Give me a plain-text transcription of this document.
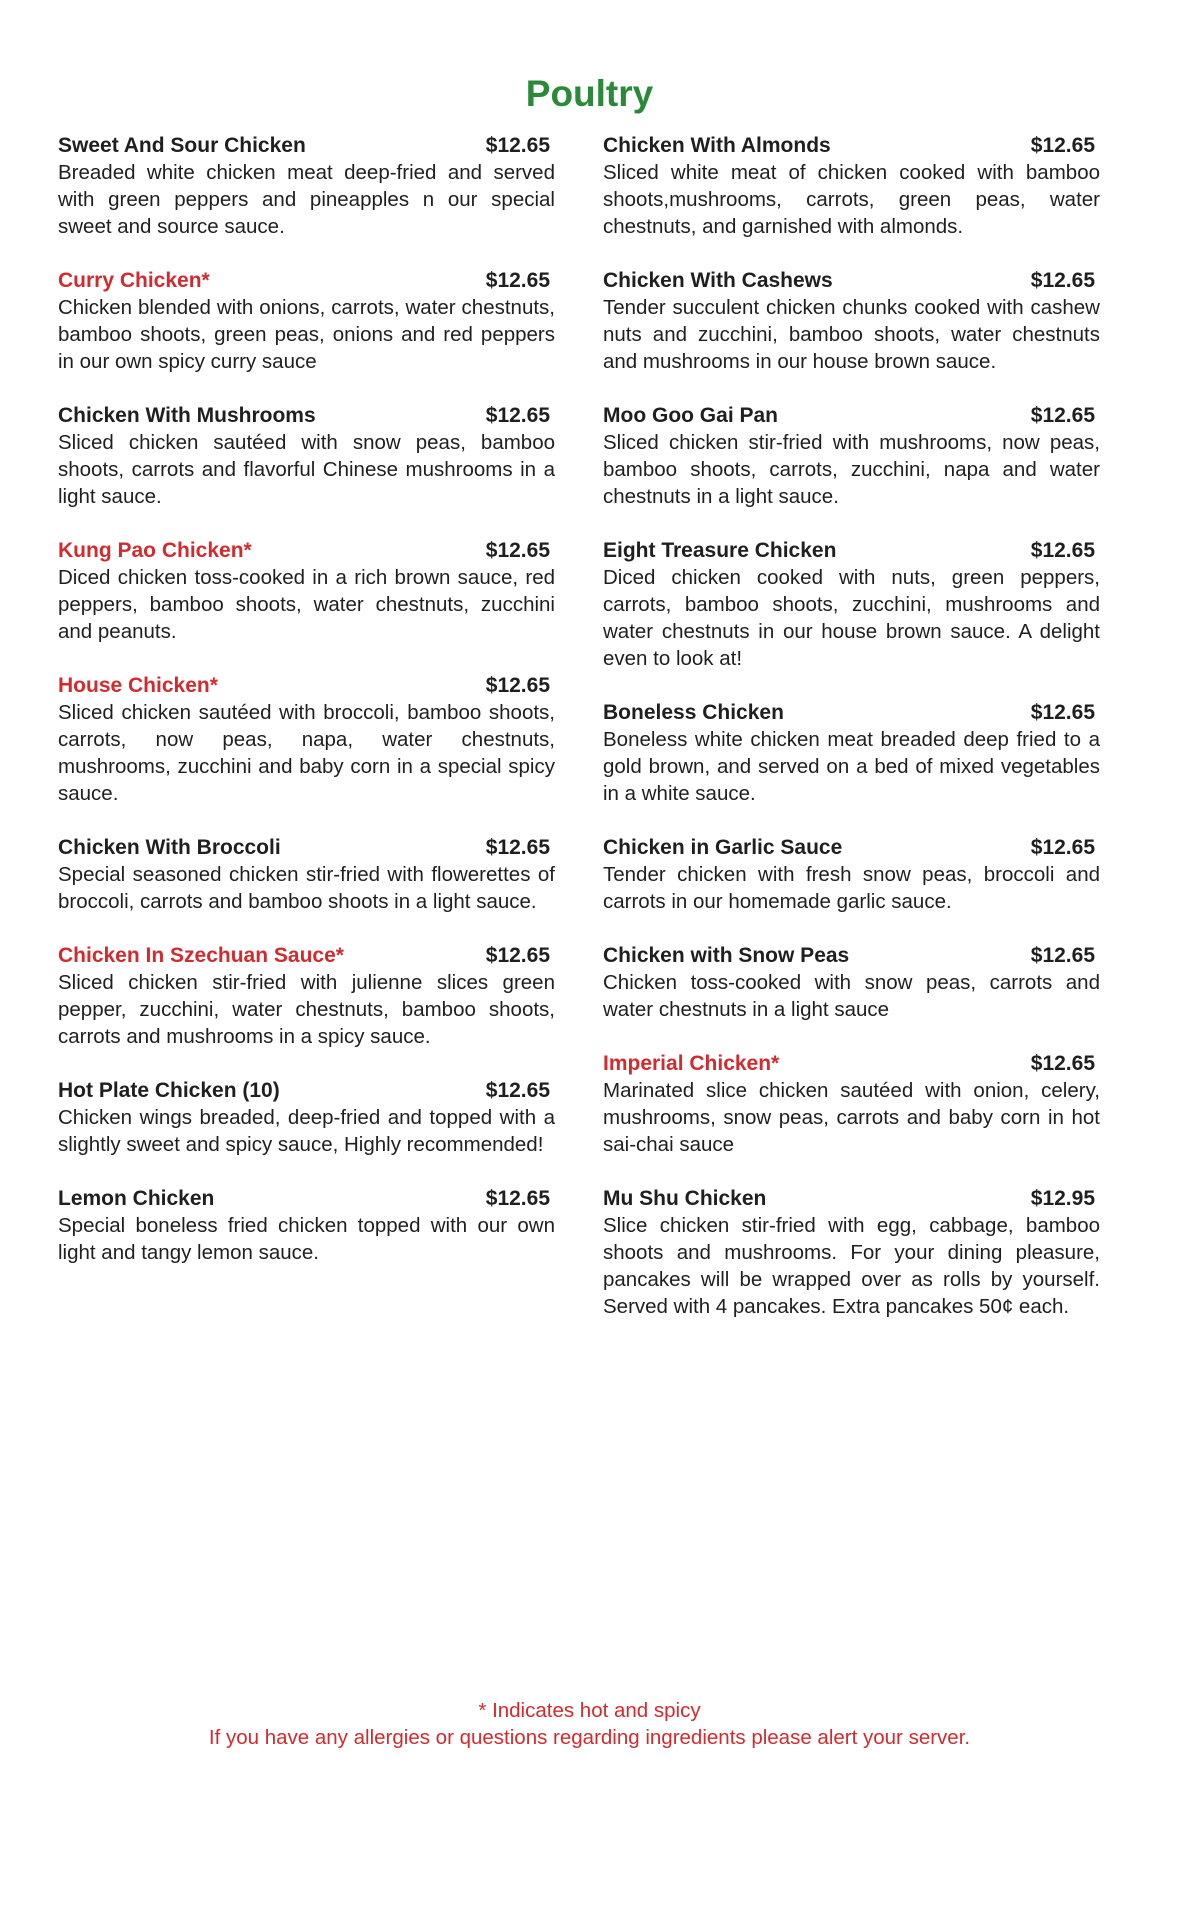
Poultry
Sweet And Sour Chicken	$12.65

Breaded white chicken meat deep-fried and served with green peppers and pineapples n our special sweet and source sauce.

Curry Chicken*	$12.65

Chicken blended with onions, carrots, water chestnuts, bamboo shoots, green peas, onions and red peppers in our own spicy curry sauce

Chicken With Mushrooms	$12.65

Sliced chicken sautéed with snow peas, bamboo shoots, carrots and flavorful Chinese mushrooms in a light sauce.

Kung Pao Chicken*	$12.65

Diced chicken toss-cooked in a rich brown sauce, red peppers, bamboo shoots, water chestnuts, zucchini and peanuts.

House Chicken*	$12.65

Sliced chicken sautéed with broccoli, bamboo shoots, carrots, now peas, napa, water chestnuts, mushrooms, zucchini and baby corn in a special spicy sauce.

Chicken With Broccoli	$12.65

Special seasoned chicken stir-fried with flowerettes of broccoli, carrots and bamboo shoots in a light sauce.

Chicken In Szechuan Sauce*	$12.65

Sliced chicken stir-fried with julienne slices green pepper, zucchini, water chestnuts, bamboo shoots, carrots and mushrooms in a spicy sauce.

Hot Plate Chicken (10)	$12.65

Chicken wings breaded, deep-fried and topped with a slightly sweet and spicy sauce, Highly recommended!

Lemon Chicken	$12.65

Special boneless fried chicken topped with our own light and tangy lemon sauce.

Chicken With Almonds	$12.65

Sliced white meat of chicken cooked with bamboo shoots,mushrooms, carrots, green peas, water chestnuts, and garnished with almonds.

Chicken With Cashews	$12.65

Tender succulent chicken chunks cooked with cashew nuts and zucchini, bamboo shoots, water chestnuts and mushrooms in our house brown sauce.

Moo Goo Gai Pan	$12.65

Sliced chicken stir-fried with mushrooms, now peas, bamboo shoots, carrots, zucchini, napa and water chestnuts in a light sauce.

Eight Treasure Chicken	$12.65

Diced chicken cooked with nuts, green peppers, carrots, bamboo shoots, zucchini, mushrooms and water chestnuts in our house brown sauce. A delight even to look at!

Boneless Chicken	$12.65

Boneless white chicken meat breaded deep fried to a gold brown, and served on a bed of mixed vegetables in a white sauce.

Chicken in Garlic Sauce	$12.65

Tender chicken with fresh snow peas, broccoli and carrots in our homemade garlic sauce.

Chicken with Snow Peas	$12.65

Chicken toss-cooked with snow peas, carrots and water chestnuts in a light sauce

Imperial Chicken*	$12.65

Marinated slice chicken sautéed with onion, celery, mushrooms, snow peas, carrots and baby corn in hot sai-chai sauce

Mu Shu Chicken	$12.95

Slice chicken stir-fried with egg, cabbage, bamboo shoots and mushrooms. For your dining pleasure, pancakes will be wrapped over as rolls by yourself. Served with 4 pancakes. Extra pancakes 50¢ each.

* Indicates hot and spicy
If you have any allergies or questions regarding ingredients please alert your server.
